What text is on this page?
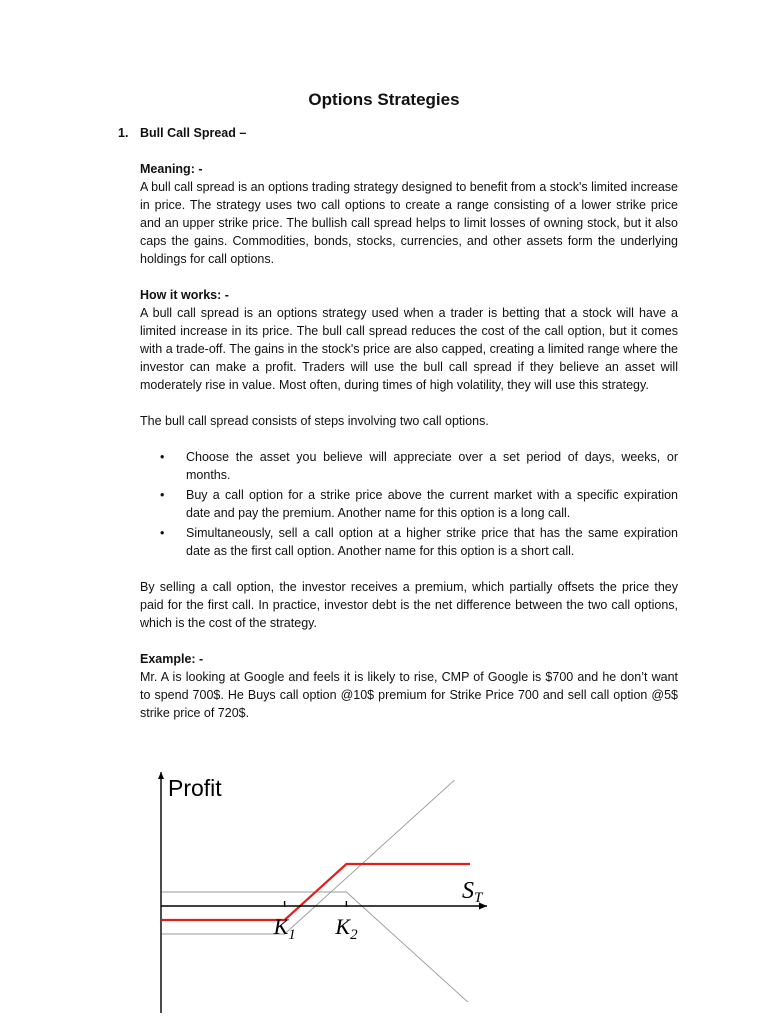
Options Strategies
1. Bull Call Spread –

Meaning: -

A bull call spread is an options trading strategy designed to benefit from a stock's limited increase in price. The strategy uses two call options to create a range consisting of a lower strike price and an upper strike price. The bullish call spread helps to limit losses of owning stock, but it also caps the gains. Commodities, bonds, stocks, currencies, and other assets form the underlying holdings for call options.

How it works: -

A bull call spread is an options strategy used when a trader is betting that a stock will have a limited increase in its price. The bull call spread reduces the cost of the call option, but it comes with a trade-off. The gains in the stock's price are also capped, creating a limited range where the investor can make a profit. Traders will use the bull call spread if they believe an asset will moderately rise in value. Most often, during times of high volatility, they will use this strategy.

The bull call spread consists of steps involving two call options.

•	Choose the asset you believe will appreciate over a set period of days, weeks, or months.
•	Buy a call option for a strike price above the current market with a specific expiration date and pay the premium. Another name for this option is a long call.
•	Simultaneously, sell a call option at a higher strike price that has the same expiration date as the first call option. Another name for this option is a short call.

By selling a call option, the investor receives a premium, which partially offsets the price they paid for the first call. In practice, investor debt is the net difference between the two call options, which is the cost of the strategy.

Example: -

Mr. A is looking at Google and feels it is likely to rise, CMP of Google is $700 and he don’t want to spend 700$. He Buys call option @10$ premium for Strike Price 700 and sell call option @5$ strike price of 720$.

$K_1$ $K_2$
Profit
ST
